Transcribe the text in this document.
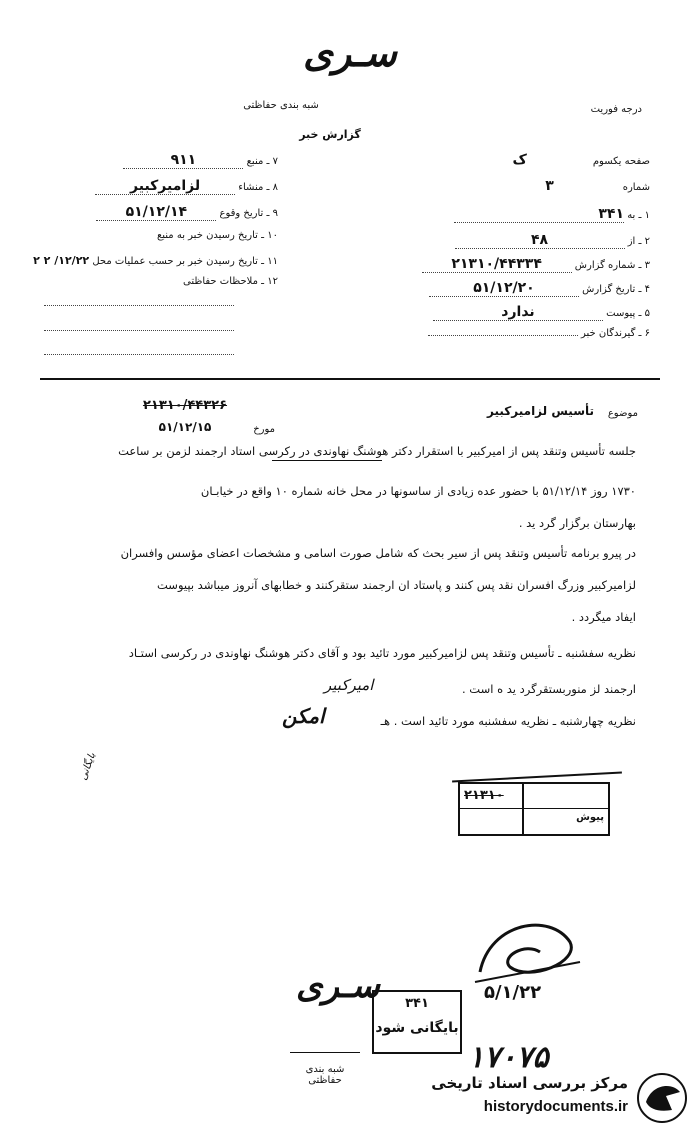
سـری
شبه بندی حفاظتی
گزارش خبر
درجه فوریت
۷ ـ منبع ۹۱۱
۸ ـ منشاء لزامیرکبیر
۹ ـ تاریخ وقوع ۵۱/۱۲/۱۴
۱۰ ـ تاریخ رسیدن خبر به منبع
۱۱ ـ تاریخ رسیدن خبر بر حسب عملیات محل ۱۲/۲۲/ ۲ ۲
۱۲ ـ ملاحظات حفاظتی
صفحه یکسوم ک
شماره ۳
۱ ـ به ۳۴۱
۲ ـ از ۴۸
۳ ـ شماره گزارش ۲۱۳۱۰/۴۴۳۳۴
۴ ـ تاریخ گزارش ۵۱/۱۲/۲۰
۵ ـ پیوست ندارد
۶ ـ گیرندگان خبر
۲۱۳۱۰/۴۴۳۲۶
مورخ
۵۱/۱۲/۱۵
موضوع
تأسیس لزامیرکبیر
جلسه تأسیس وتنقد پس از امیرکبیر با استقرار دکتر هوشنگ نهاوندی در رکرسی استاد ارجمند لزمن بر ساعت
۱۷۳۰ روز ۵۱/۱۲/۱۴ با حضور عده زیادی از ساسونها در محل خانه شماره ۱۰ واقع در خیابـان
بهارستان برگزار گرد ید .
در پیرو برنامه تأسیس وتنقد پس از سیر بحث که شامل صورت اسامی و مشخصات اعضای مؤسس وافسران
لزامیرکبیر وزرگ افسران نقد پس کنند و پاستاد ان ارجمند ستقرکنند و خطابهای آنروز میباشد بپیوست
ایفاد میگردد .
نظریه سفشنبه ـ تأسیس وتنقد پس لزامیرکبیر مورد تائید بود و آقای دکتر هوشنگ نهاوندی در رکرسی استـاد
ارجمند لز منوربستقرگرد ید ه است .
نظریه چهارشنبه ـ نظریه سفشنبه مورد تائید است . هـ
امیرکبیر
امکن
بایگانی
۲۱۳۱۰
پیوش
۵/۱/۲۲
سـری	۳۴۱
بایگانی شود
۱۷۰۷۵
شبه بندی حفاظتی	مرکز بررسی اسناد تاریخی
historydocuments.ir
